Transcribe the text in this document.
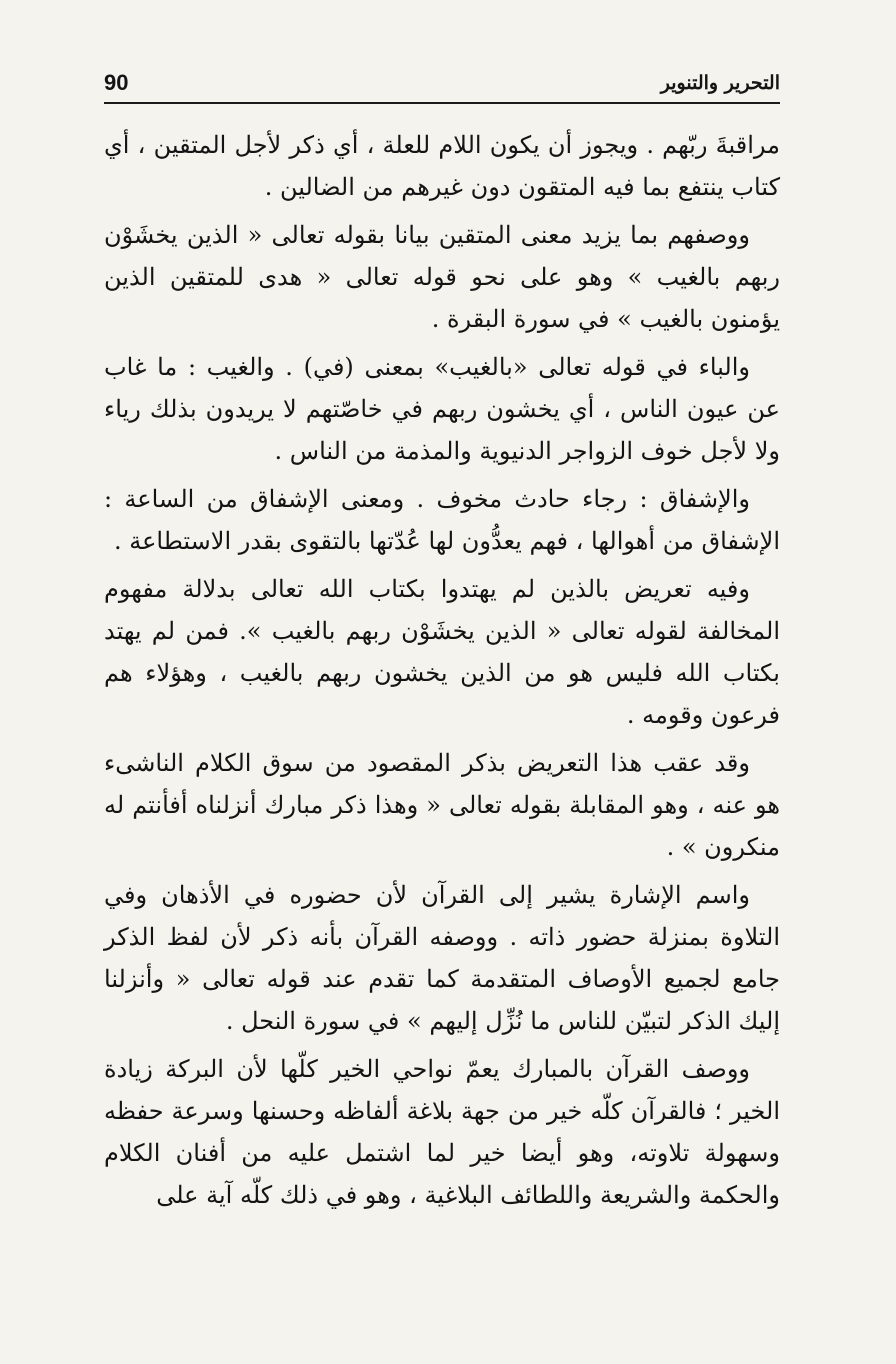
90	التحرير والتنوير

مراقبةَ ربّهم . ويجوز أن يكون اللام للعلة ، أي ذكر لأجل المتقين ، أي كتاب ينتفع بما فيه المتقون دون غيرهم من الضالين .

ووصفهم بما يزيد معنى المتقين بيانا بقوله تعالى « الذين يخشَوْن ربهم بالغيب » وهو على نحو قوله تعالى « هدى للمتقين الذين يؤمنون بالغيب » في سورة البقرة .

والباء في قوله تعالى «بالغيب» بمعنى (في) . والغيب : ما غاب عن عيون الناس ، أي يخشون ربهم في خاصّتهم لا يريدون بذلك رياء ولا لأجل خوف الزواجر الدنيوية والمذمة من الناس .

والإشفاق : رجاء حادث مخوف . ومعنى الإشفاق من الساعة : الإشفاق من أهوالها ، فهم يعدُّون لها عُدّتها بالتقوى بقدر الاستطاعة .

وفيه تعريض بالذين لم يهتدوا بكتاب الله تعالى بدلالة مفهوم المخالفة لقوله تعالى « الذين يخشَوْن ربهم بالغيب ». فمن لم يهتد بكتاب الله فليس هو من الذين يخشون ربهم بالغيب ، وهؤلاء هم فرعون وقومه .

وقد عقب هذا التعريض بذكر المقصود من سوق الكلام الناشىء هو عنه ، وهو المقابلة بقوله تعالى « وهذا ذكر مبارك أنزلناه أفأنتم له منكرون » .

واسم الإشارة يشير إلى القرآن لأن حضوره في الأذهان وفي التلاوة بمنزلة حضور ذاته . ووصفه القرآن بأنه ذكر لأن لفظ الذكر جامع لجميع الأوصاف المتقدمة كما تقدم عند قوله تعالى « وأنزلنا إليك الذكر لتبيّن للناس ما نُزِّل إليهم » في سورة النحل .

ووصف القرآن بالمبارك يعمّ نواحي الخير كلّها لأن البركة زيادة الخير ؛ فالقرآن كلّه خير من جهة بلاغة ألفاظه وحسنها وسرعة حفظه وسهولة تلاوته، وهو أيضا خير لما اشتمل عليه من أفنان الكلام والحكمة والشريعة واللطائف البلاغية ، وهو في ذلك كلّه آية على
